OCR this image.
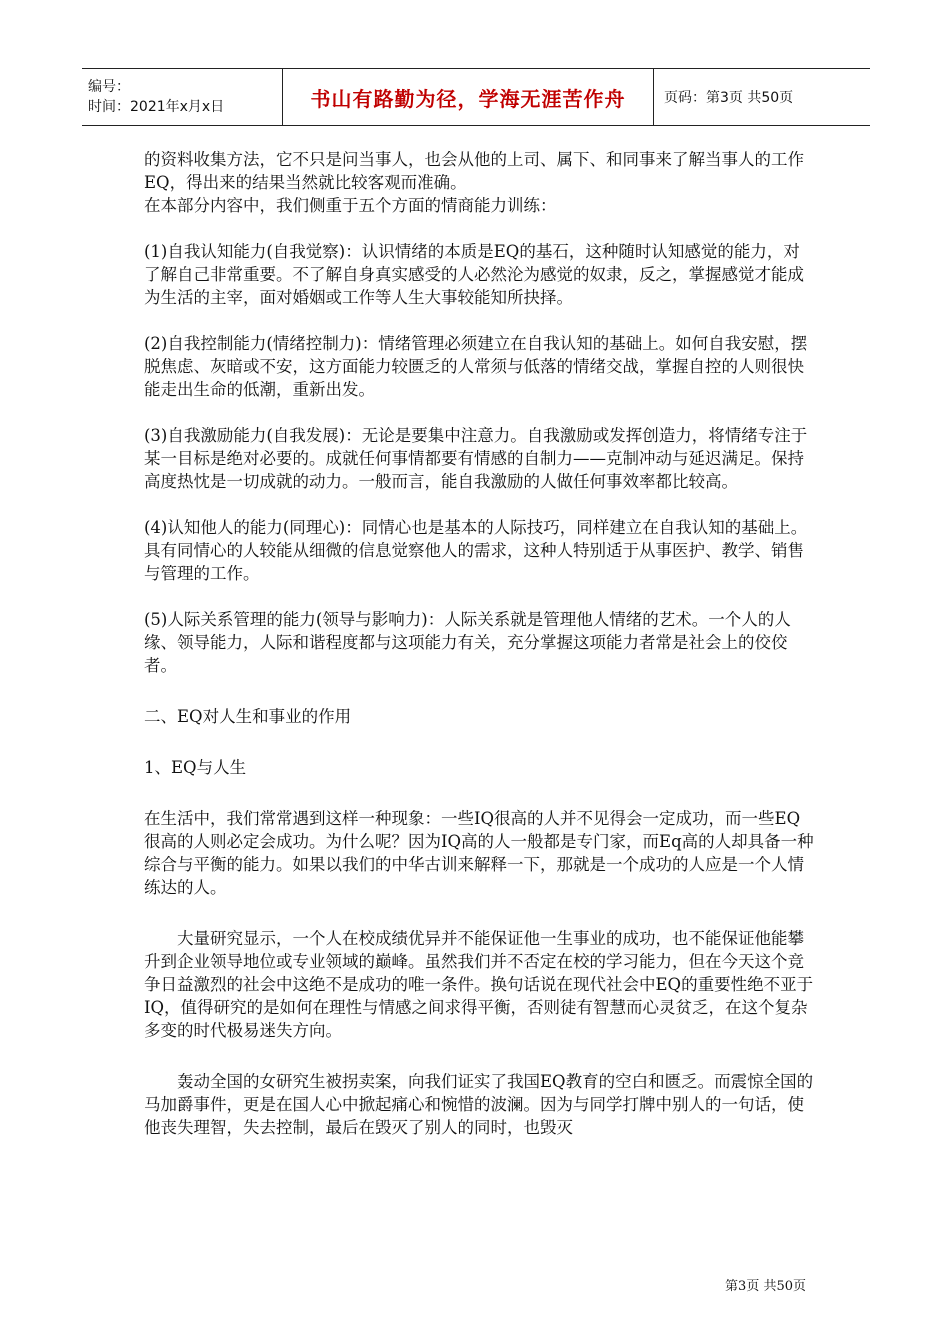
编号：
时间：2021年x月x日	书山有路勤为径，学海无涯苦作舟	页码：第3页 共50页

的资料收集方法，它不只是问当事人，也会从他的上司、属下、和同事来了解当事人的工作EQ，得出来的结果当然就比较客观而准确。

在本部分内容中，我们侧重于五个方面的情商能力训练：

(1)自我认知能力(自我觉察)：认识情绪的本质是EQ的基石，这种随时认知感觉的能力，对了解自己非常重要。不了解自身真实感受的人必然沦为感觉的奴隶，反之，掌握感觉才能成为生活的主宰，面对婚姻或工作等人生大事较能知所抉择。

(2)自我控制能力(情绪控制力)：情绪管理必须建立在自我认知的基础上。如何自我安慰，摆脱焦虑、灰暗或不安，这方面能力较匮乏的人常须与低落的情绪交战，掌握自控的人则很快能走出生命的低潮，重新出发。

(3)自我激励能力(自我发展)：无论是要集中注意力。自我激励或发挥创造力，将情绪专注于某一目标是绝对必要的。成就任何事情都要有情感的自制力——克制冲动与延迟满足。保持高度热忱是一切成就的动力。一般而言，能自我激励的人做任何事效率都比较高。

(4)认知他人的能力(同理心)：同情心也是基本的人际技巧，同样建立在自我认知的基础上。具有同情心的人较能从细微的信息觉察他人的需求，这种人特别适于从事医护、教学、销售与管理的工作。

(5)人际关系管理的能力(领导与影响力)：人际关系就是管理他人情绪的艺术。一个人的人缘、领导能力，人际和谐程度都与这项能力有关，充分掌握这项能力者常是社会上的佼佼者。

二、EQ对人生和事业的作用

1、EQ与人生

在生活中，我们常常遇到这样一种现象：一些IQ很高的人并不见得会一定成功，而一些EQ很高的人则必定会成功。为什么呢？因为IQ高的人一般都是专门家，而Eq高的人却具备一种综合与平衡的能力。如果以我们的中华古训来解释一下，那就是一个成功的人应是一个人情练达的人。

大量研究显示，一个人在校成绩优异并不能保证他一生事业的成功，也不能保证他能攀升到企业领导地位或专业领域的巅峰。虽然我们并不否定在校的学习能力，但在今天这个竞争日益激烈的社会中这绝不是成功的唯一条件。换句话说在现代社会中EQ的重要性绝不亚于IQ，值得研究的是如何在理性与情感之间求得平衡，否则徒有智慧而心灵贫乏，在这个复杂多变的时代极易迷失方向。

轰动全国的女研究生被拐卖案，向我们证实了我国EQ教育的空白和匮乏。而震惊全国的马加爵事件，更是在国人心中掀起痛心和惋惜的波澜。因为与同学打牌中别人的一句话，使他丧失理智，失去控制，最后在毁灭了别人的同时，也毁灭

第3页 共50页
